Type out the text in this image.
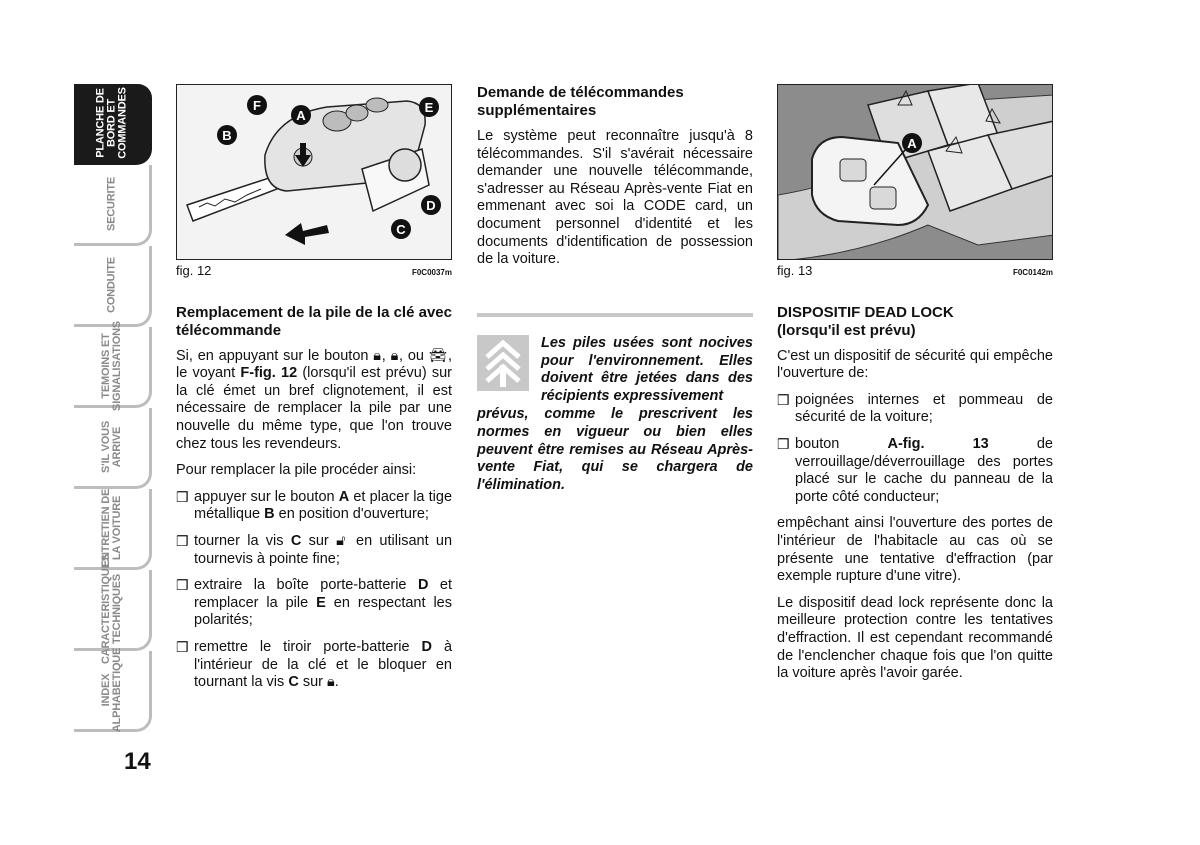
PLANCHE DE
BORD ET
COMMANDES
SECURITE
CONDUITE
TEMOINS ET
SIGNALISATIONS
S'IL VOUS
ARRIVE
ENTRETIEN DE
LA VOITURE
CARACTERISTIQUES
TECHNIQUES
INDEX
ALPHABETIQUE
14
F
A
B
E
D
C
fig. 12	F0C0037m
Remplacement de la pile de la clé avec télécommande

Si, en appuyant sur le bouton 🔒︎, 🔒︎, ou 🚘︎, le voyant F-fig. 12 (lorsqu'il est prévu) sur la clé émet un bref clignotement, il est nécessaire de remplacer la pile par une nouvelle du même type, que l'on trouve chez tous les revendeurs.

Pour remplacer la pile procéder ainsi:

❒ appuyer sur le bouton A et placer la tige métallique B en position d'ouverture;
❒ tourner la vis C sur 🔓︎ en utilisant un tournevis à pointe fine;
❒ extraire la boîte porte-batterie D et remplacer la pile E en respectant les polarités;
❒ remettre le tiroir porte-batterie D à l'intérieur de la clé et le bloquer en tournant la vis C sur 🔒︎.
Demande de télécommandes supplémentaires

Le système peut reconnaître jusqu'à 8 télécommandes. S'il s'avérait nécessaire demander une nouvelle télécommande, s'adresser au Réseau Après-vente Fiat en emmenant avec soi la CODE card, un document personnel d'identité et les documents d'identification de possession de la voiture.

Les piles usées sont nocives pour l'environnement. Elles doivent être jetées dans des récipients expressivement
prévus, comme le prescrivent les normes en vigueur ou bien elles peuvent être remises au Réseau Après-vente Fiat, qui se chargera de l'élimination.
A
fig. 13	F0C0142m
DISPOSITIF DEAD LOCK
(lorsqu'il est prévu)

C'est un dispositif de sécurité qui empêche l'ouverture de:

❒ poignées internes et pommeau de sécurité de la voiture;
❒ bouton	A-fig. 13	de verrouillage/déverrouillage des portes placé sur le cache du panneau de la porte côté conducteur;

empêchant ainsi l'ouverture des portes de l'intérieur de l'habitacle au cas où se présente une tentative d'effraction (par exemple rupture d'une vitre).

Le dispositif dead lock représente donc la meilleure protection contre les tentatives d'effraction. Il est cependant recommandé de l'enclencher chaque fois que l'on quitte la voiture après l'avoir garée.
